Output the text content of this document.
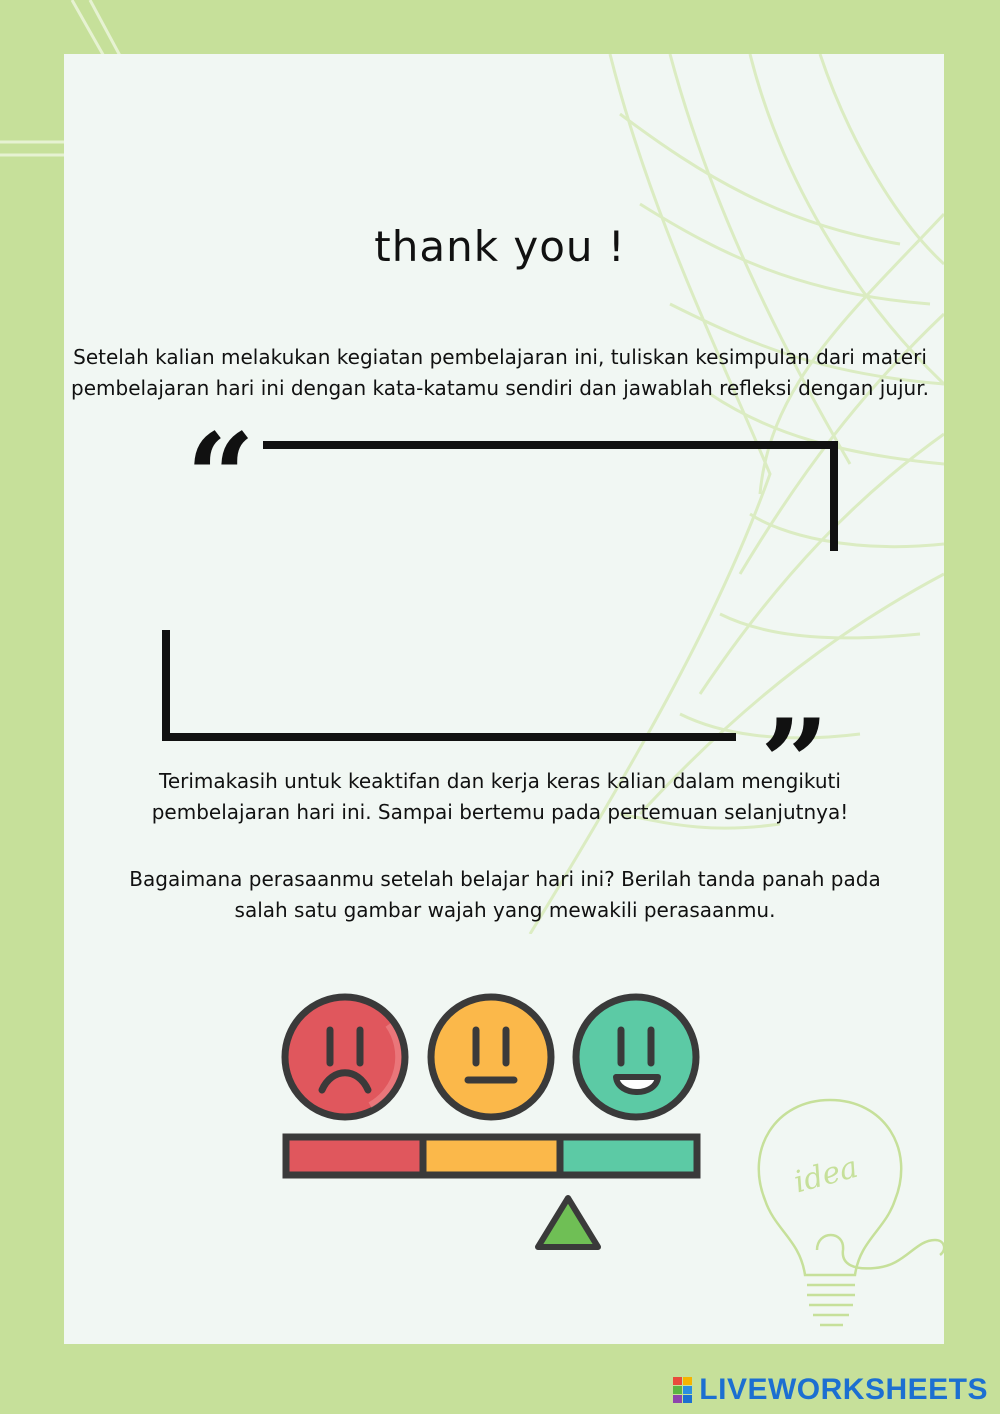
idea
thank you !

Setelah kalian melakukan kegiatan pembelajaran ini, tuliskan kesimpulan dari materi pembelajaran hari ini dengan kata-katamu sendiri dan jawablah refleksi dengan jujur.

“
”

Terimakasih untuk keaktifan dan kerja keras kalian dalam mengikuti pembelajaran hari ini. Sampai bertemu pada pertemuan selanjutnya!

Bagaimana perasaanmu setelah belajar hari ini? Berilah tanda panah pada salah satu gambar wajah yang mewakili perasaanmu.

LIVEWORKSHEETS
